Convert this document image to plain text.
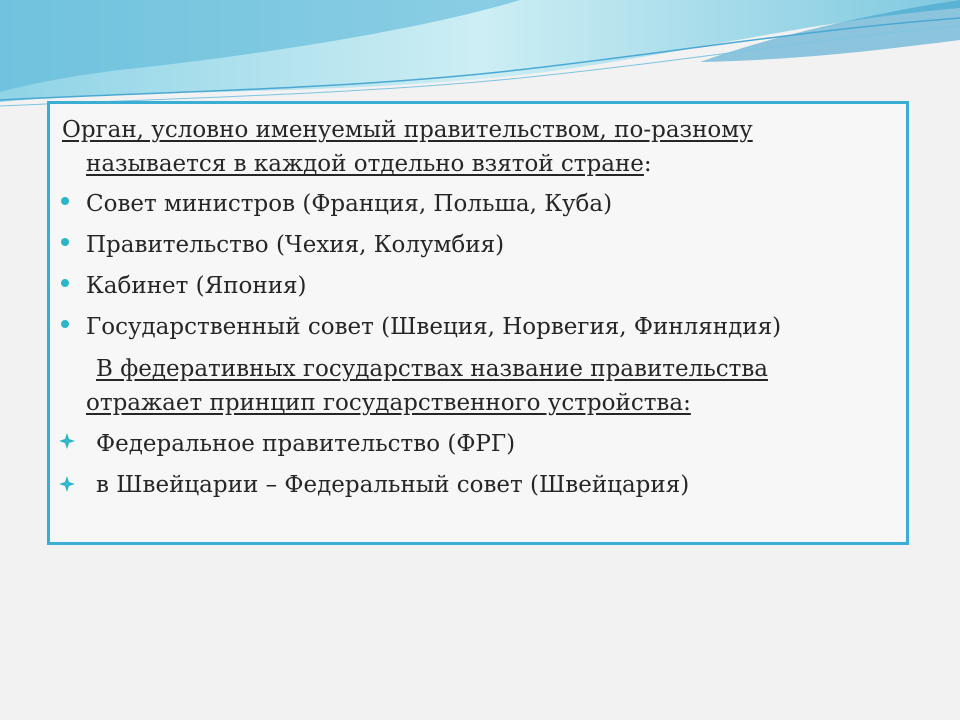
Орган, условно именуемый правительством, по-разному
называется в каждой отдельно взятой стране:
Совет министров (Франция, Польша, Куба)
Правительство (Чехия, Колумбия)
Кабинет (Япония)
Государственный совет (Швеция, Норвегия, Финляндия)
В федеративных государствах название правительства
отражает принцип государственного устройства:
Федеральное правительство (ФРГ)
в Швейцарии – Федеральный совет (Швейцария)
